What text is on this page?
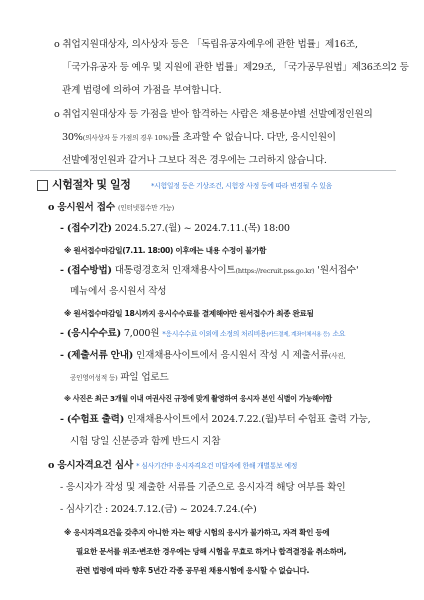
o 취업지원대상자, 의사상자 등은 「독립유공자예우에 관한 법률」제16조,
「국가유공자 등 예우 및 지원에 관한 법률」제29조, 「국가공무원법」제36조의2 등
관계 법령에 의하여 가점을 부여합니다.
o 취업지원대상자 등 가점을 받아 합격하는 사람은 채용분야별 선발예정인원의
30%(의사상자 등 가점의 경우 10%)를 초과할 수 없습니다. 다만, 응시인원이
선발예정인원과 같거나 그보다 적은 경우에는 그러하지 않습니다.
시험절차 및 일정	*시험일정 등은 기상조건, 시험장 사정 등에 따라 변경될 수 있음
o 응시원서 접수 (인터넷접수만 가능)
- (접수기간) 2024.5.27.(월) ~ 2024.7.11.(목) 18:00
※ 원서접수마감일(7.11. 18:00) 이후에는 내용 수정이 불가함
- (접수방법) 대통령경호처 인재채용사이트(https://recruit.pss.go.kr) '원서접수'
메뉴에서 응시원서 작성
※ 원서접수마감일 18시까지 응시수수료를 결제해야만 원서접수가 최종 완료됨
- (응시수수료) 7,000원 *응시수수료 이외에 소정의 처리비용(카드결제, 계좌이체서용 등) 소요
- (제출서류 안내) 인재채용사이트에서 응시원서 작성 시 제출서류(사진,
공인영어성적 등) 파일 업로드
※ 사진은 최근 3개월 이내 여권사진 규정에 맞게 촬영하여 응시자 본인 식별이 가능해야함
- (수험표 출력) 인재채용사이트에서 2024.7.22.(월)부터 수험표 출력 가능,
시험 당일 신분증과 함께 반드시 지참
o 응시자격요건 심사 * 심사기간中 응시자격요건 미달자에 한해 개별통보 예정
- 응시자가 작성 및 제출한 서류를 기준으로 응시자격 해당 여부를 확인
- 심사기간 : 2024.7.12.(금) ~ 2024.7.24.(수)
※ 응시자격요건을 갖추지 아니한 자는 해당 시험의 응시가 불가하고, 자격 확인 등에
필요한 문서를 위조·변조한 경우에는 당해 시험을 무효로 하거나 합격결정을 취소하며,
관련 법령에 따라 향후 5년간 각종 공무원 채용시험에 응시할 수 없습니다.
